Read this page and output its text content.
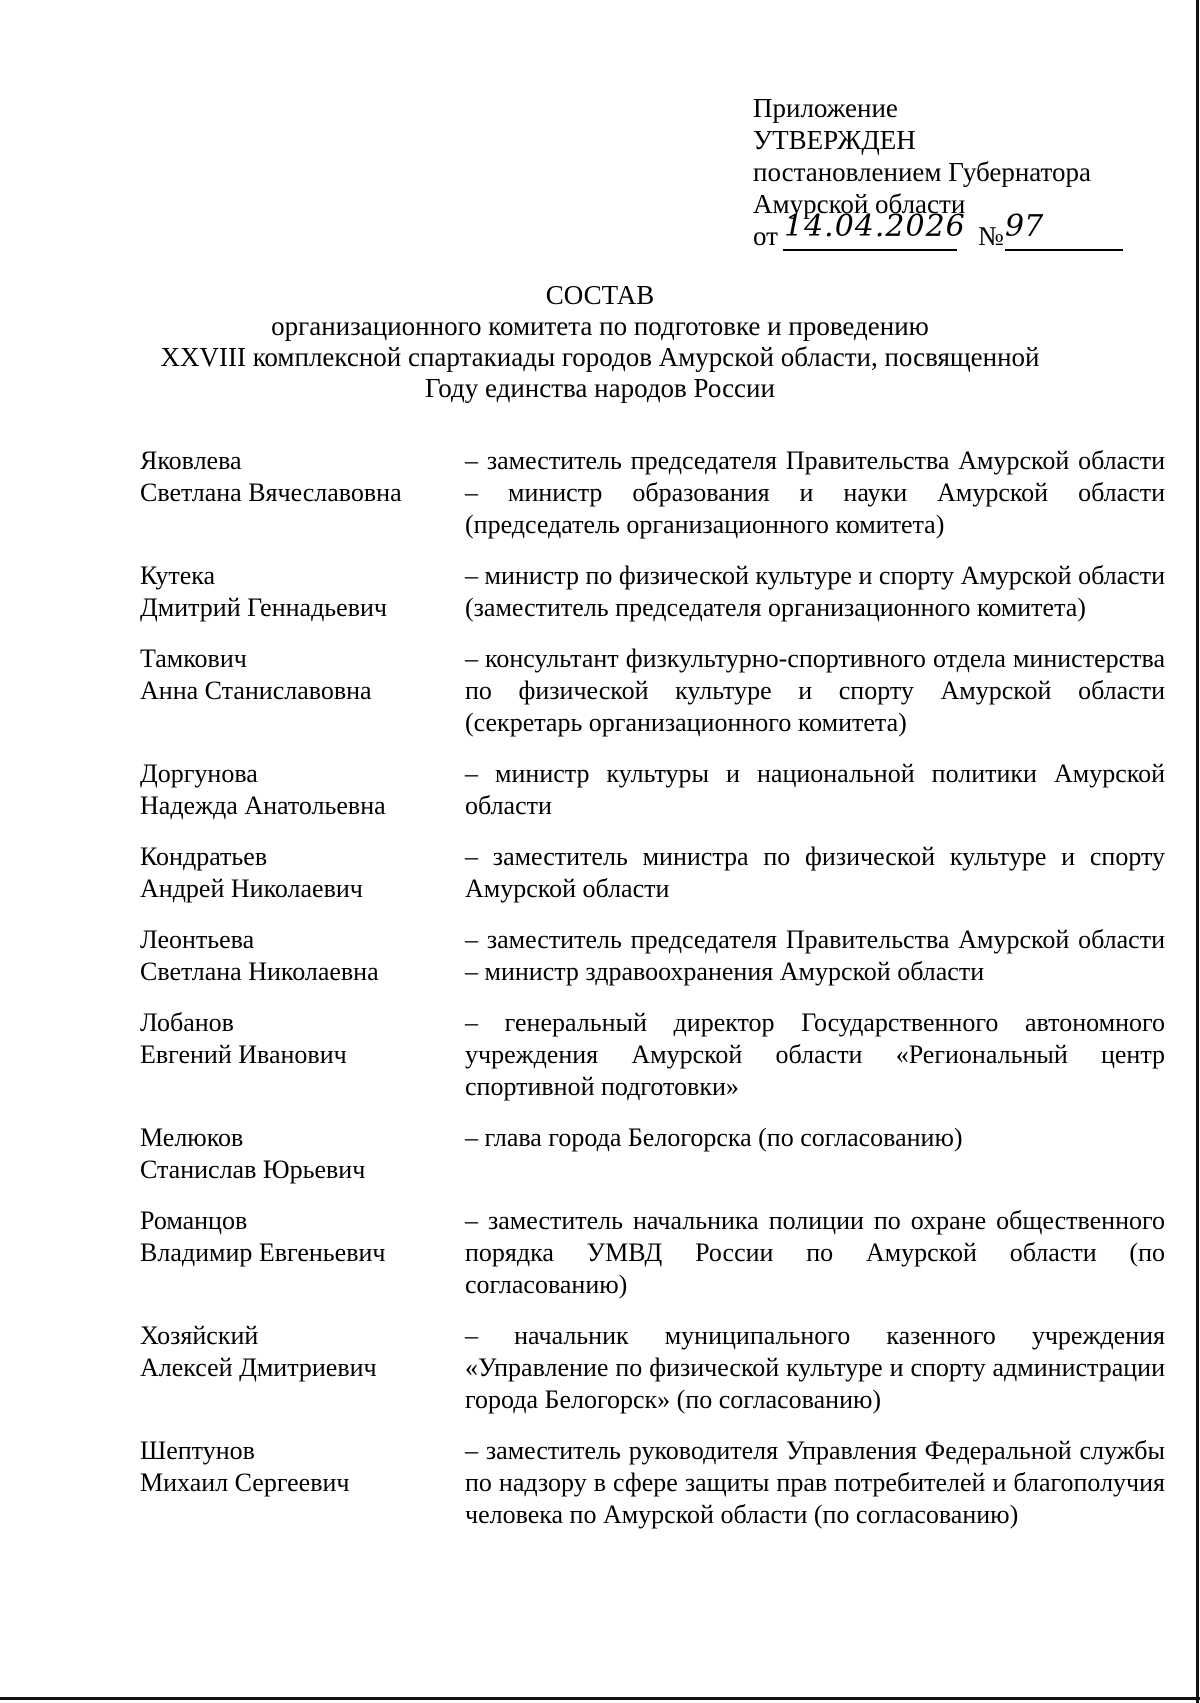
Приложение
УТВЕРЖДЕН
постановлением Губернатора
Амурской области
от 14.04.2026 № 97
СОСТАВ
организационного комитета по подготовке и проведению
XXVIII комплексной спартакиады городов Амурской области, посвященной
Году единства народов России
Яковлева
Светлана Вячеславовна
– заместитель председателя Правительства Амурской области – министр образования и науки Амурской области (председатель организационного комитета)
Кутека
Дмитрий Геннадьевич
– министр по физической культуре и спорту Амурской области (заместитель председателя организационного комитета)
Тамкович
Анна Станиславовна
– консультант физкультурно-спортивного отдела министерства по физической культуре и спорту Амурской области (секретарь организационного комитета)
Доргунова
Надежда Анатольевна
– министр культуры и национальной политики Амурской области
Кондратьев
Андрей Николаевич
– заместитель министра по физической культуре и спорту Амурской области
Леонтьева
Светлана Николаевна
– заместитель председателя Правительства Амурской области – министр здравоохранения Амурской области
Лобанов
Евгений Иванович
– генеральный директор Государственного автономного учреждения Амурской области «Региональный центр спортивной подготовки»
Мелюков
Станислав Юрьевич
– глава города Белогорска (по согласованию)
Романцов
Владимир Евгеньевич
– заместитель начальника полиции по охране общественного порядка УМВД России по Амурской области (по согласованию)
Хозяйский
Алексей Дмитриевич
– начальник муниципального казенного учреждения «Управление по физической культуре и спорту администрации города Белогорск» (по согласованию)
Шептунов
Михаил Сергеевич
– заместитель руководителя Управления Федеральной службы по надзору в сфере защиты прав потребителей и благополучия человека по Амурской области (по согласованию)
